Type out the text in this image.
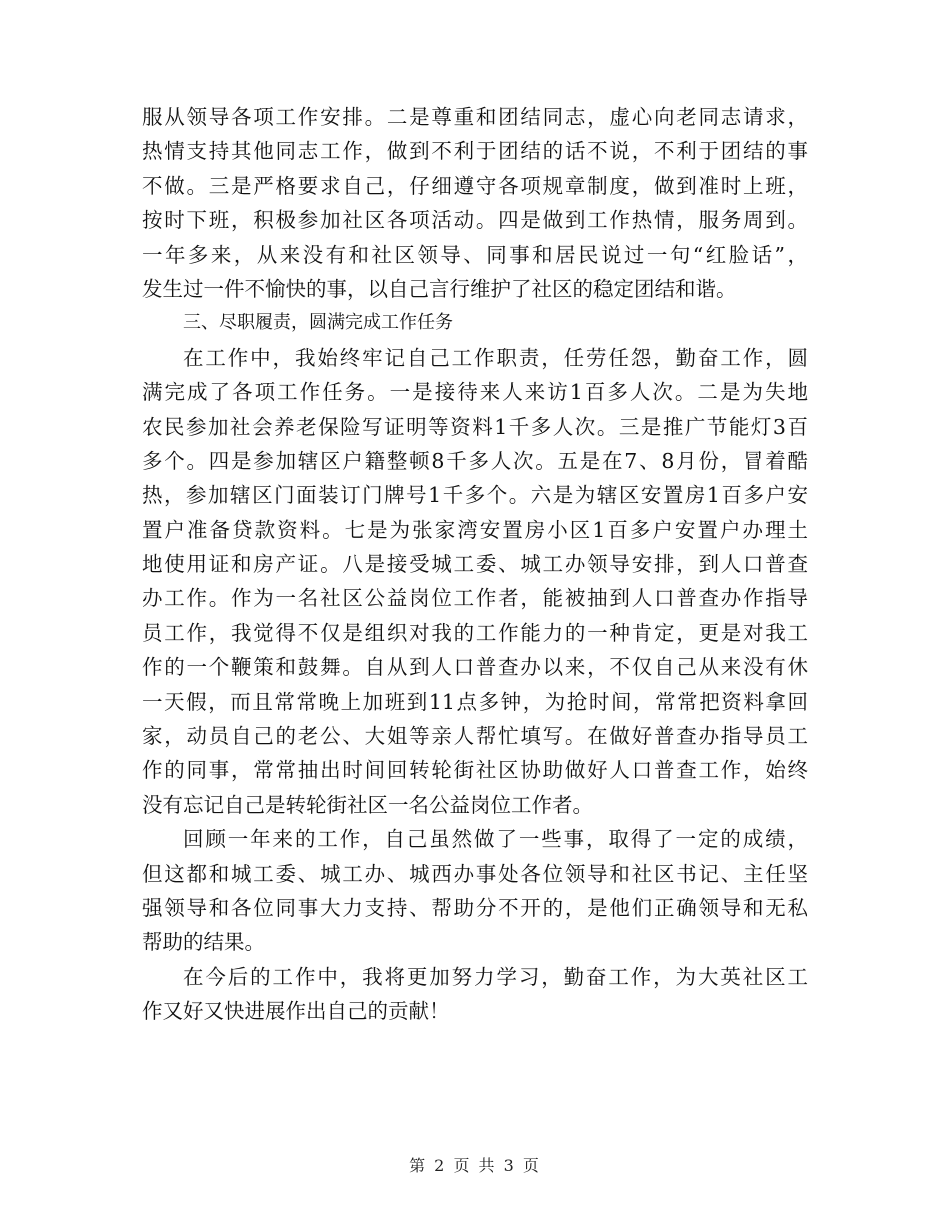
服从领导各项工作安排。二是尊重和团结同志，虚心向老同志请求，
热情支持其他同志工作，做到不利于团结的话不说，不利于团结的事
不做。三是严格要求自己，仔细遵守各项规章制度，做到准时上班，
按时下班，积极参加社区各项活动。四是做到工作热情，服务周到。
一年多来，从来没有和社区领导、同事和居民说过一句“红脸话”，
发生过一件不愉快的事，以自己言行维护了社区的稳定团结和谐。
三、尽职履责，圆满完成工作任务
在工作中，我始终牢记自己工作职责，任劳任怨，勤奋工作，圆
满完成了各项工作任务。一是接待来人来访1百多人次。二是为失地
农民参加社会养老保险写证明等资料1千多人次。三是推广节能灯3百
多个。四是参加辖区户籍整顿8千多人次。五是在7、8月份，冒着酷
热，参加辖区门面装订门牌号1千多个。六是为辖区安置房1百多户安
置户准备贷款资料。七是为张家湾安置房小区1百多户安置户办理土
地使用证和房产证。八是接受城工委、城工办领导安排，到人口普查
办工作。作为一名社区公益岗位工作者，能被抽到人口普查办作指导
员工作，我觉得不仅是组织对我的工作能力的一种肯定，更是对我工
作的一个鞭策和鼓舞。自从到人口普查办以来，不仅自己从来没有休
一天假，而且常常晚上加班到11点多钟，为抢时间，常常把资料拿回
家，动员自己的老公、大姐等亲人帮忙填写。在做好普查办指导员工
作的同事，常常抽出时间回转轮街社区协助做好人口普查工作，始终
没有忘记自己是转轮街社区一名公益岗位工作者。
回顾一年来的工作，自己虽然做了一些事，取得了一定的成绩，
但这都和城工委、城工办、城西办事处各位领导和社区书记、主任坚
强领导和各位同事大力支持、帮助分不开的，是他们正确领导和无私
帮助的结果。
在今后的工作中，我将更加努力学习，勤奋工作，为大英社区工
作又好又快进展作出自己的贡献！
第 2 页 共 3 页
